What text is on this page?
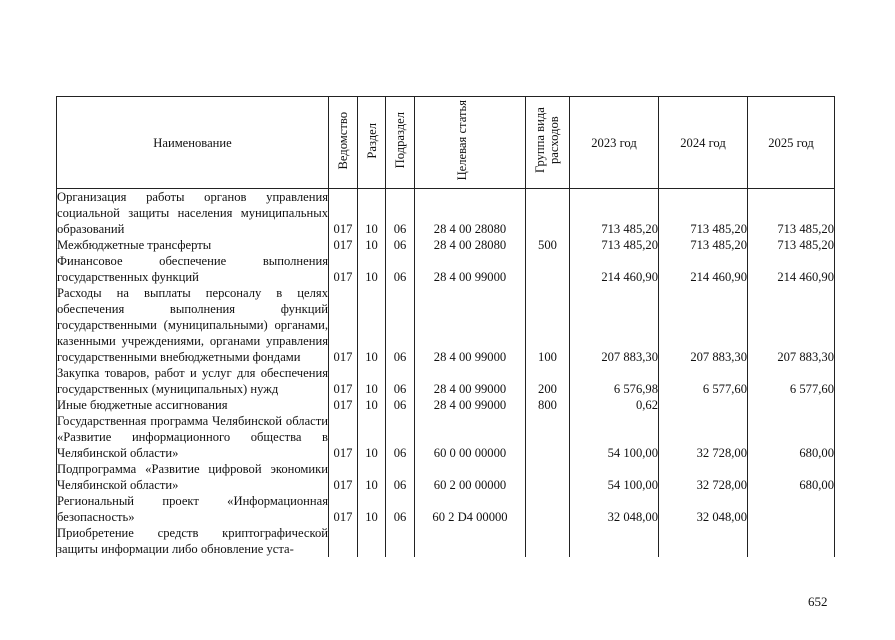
Наименование	Ведомство	Раздел	Подраздел	Целевая статья	Группа вида расходов	2023 год	2024 год	2025 год
Организация работы органов управления социальной защиты населения муниципальных образований	017	10	06	28 4 00 28080		713 485,20	713 485,20	713 485,20
Межбюджетные трансферты	017	10	06	28 4 00 28080	500	713 485,20	713 485,20	713 485,20
Финансовое обеспечение выполнения государственных функций	017	10	06	28 4 00 99000		214 460,90	214 460,90	214 460,90
Расходы на выплаты персоналу в целях обеспечения выполнения функций государственными (муниципальными) органами, казенными учреждениями, органами управления государственными внебюджетными фондами	017	10	06	28 4 00 99000	100	207 883,30	207 883,30	207 883,30
Закупка товаров, работ и услуг для обеспечения государственных (муниципальных) нужд	017	10	06	28 4 00 99000	200	6 576,98	6 577,60	6 577,60
Иные бюджетные ассигнования	017	10	06	28 4 00 99000	800	0,62		
Государственная программа Челябинской области «Развитие информационного общества в Челябинской области»	017	10	06	60 0 00 00000		54 100,00	32 728,00	680,00
Подпрограмма «Развитие цифровой экономики Челябинской области»	017	10	06	60 2 00 00000		54 100,00	32 728,00	680,00
Региональный проект «Информационная безопасность»	017	10	06	60 2 D4 00000		32 048,00	32 048,00	
Приобретение средств криптографической защиты информации либо обновление уста-								
652
